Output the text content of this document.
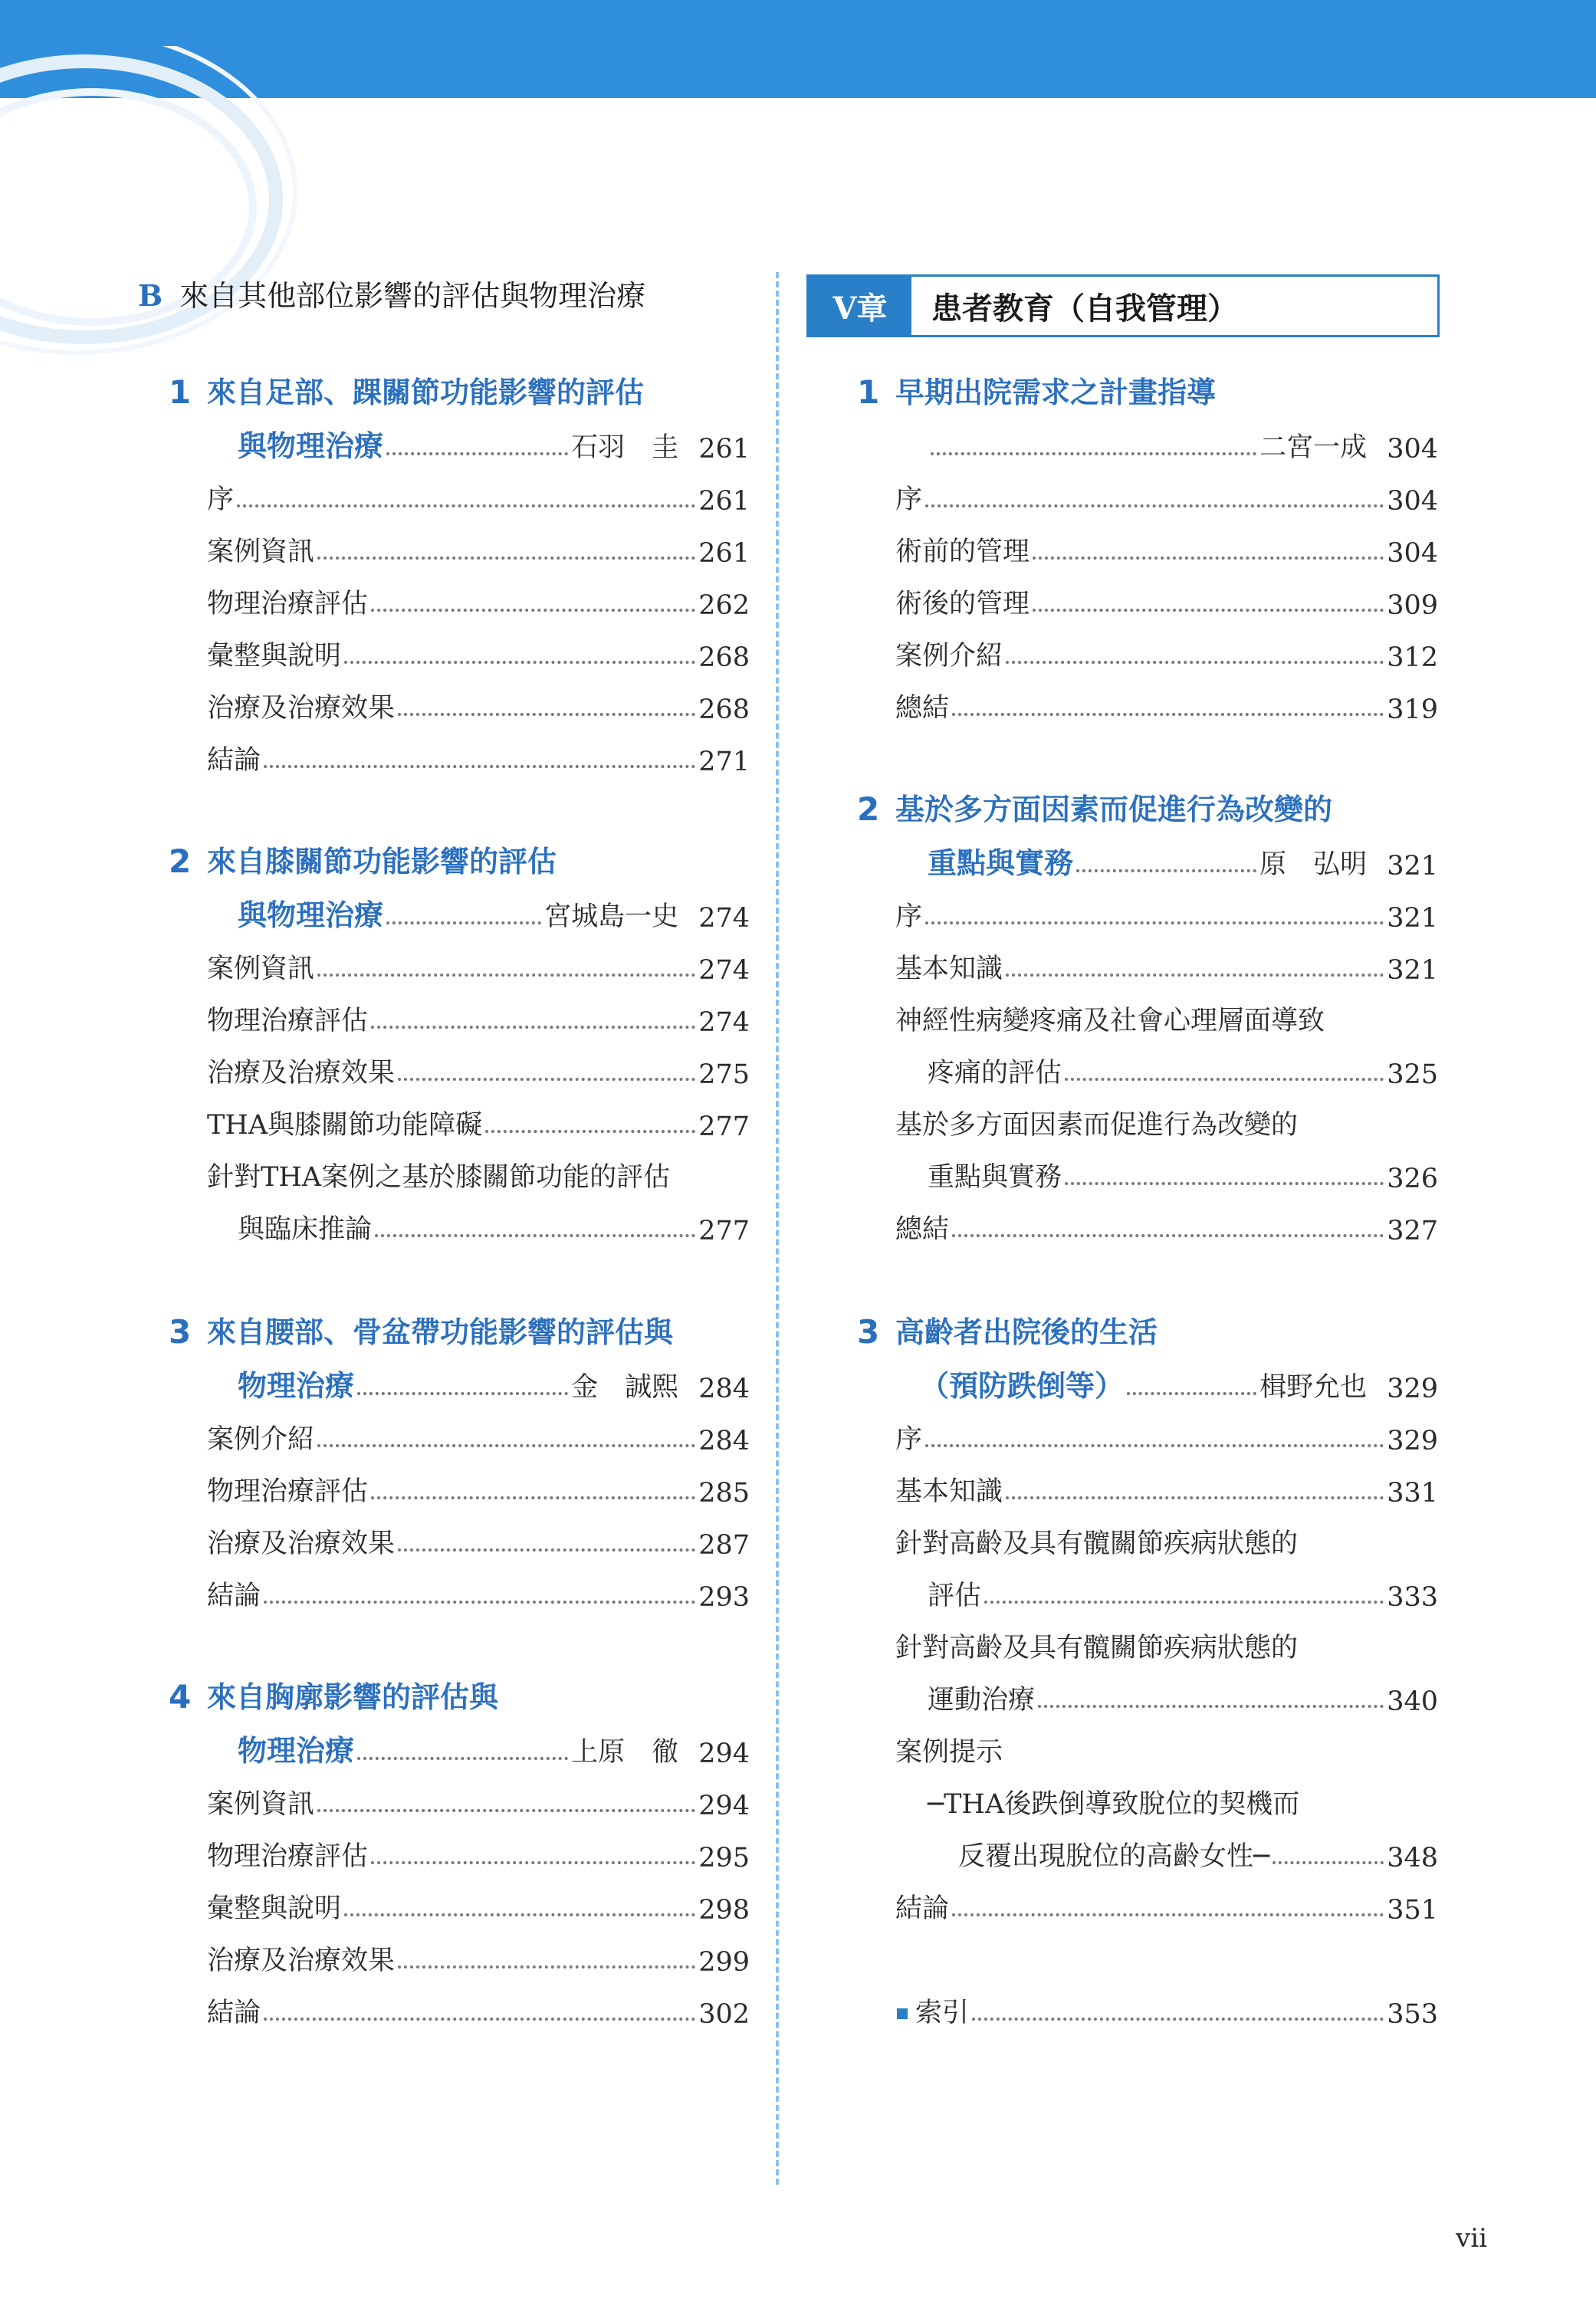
B 來自其他部位影響的評估與物理治療
1 來自足部、踝關節功能影響的評估
與物理治療	石羽　圭 261
序	261
案例資訊	261
物理治療評估	262
彙整與說明	268
治療及治療效果	268
結論	271
2 來自膝關節功能影響的評估
與物理治療	宮城島一史 274
案例資訊	274
物理治療評估	274
治療及治療效果	275
THA與膝關節功能障礙	277
針對THA案例之基於膝關節功能的評估
與臨床推論	277
3 來自腰部、骨盆帶功能影響的評估與
物理治療	金　誠熙 284
案例介紹	284
物理治療評估	285
治療及治療效果	287
結論	293
4 來自胸廓影響的評估與
物理治療	上原　徹 294
案例資訊	294
物理治療評估	295
彙整與說明	298
治療及治療效果	299
結論	302
V章	患者教育（自我管理）
1 早期出院需求之計畫指導
二宮一成 304
序	304
術前的管理	304
術後的管理	309
案例介紹	312
總結	319
2 基於多方面因素而促進行為改變的
重點與實務	原　弘明 321
序	321
基本知識	321
神經性病變疼痛及社會心理層面導致
疼痛的評估	325
基於多方面因素而促進行為改變的
重點與實務	326
總結	327
3 高齡者出院後的生活
（預防跌倒等）	楫野允也 329
序	329
基本知識	331
針對高齡及具有髖關節疾病狀態的
評估	333
針對高齡及具有髖關節疾病狀態的
運動治療	340
案例提示
─THA後跌倒導致脫位的契機而
反覆出現脫位的高齡女性─	348
結論	351
索引	353
vii
